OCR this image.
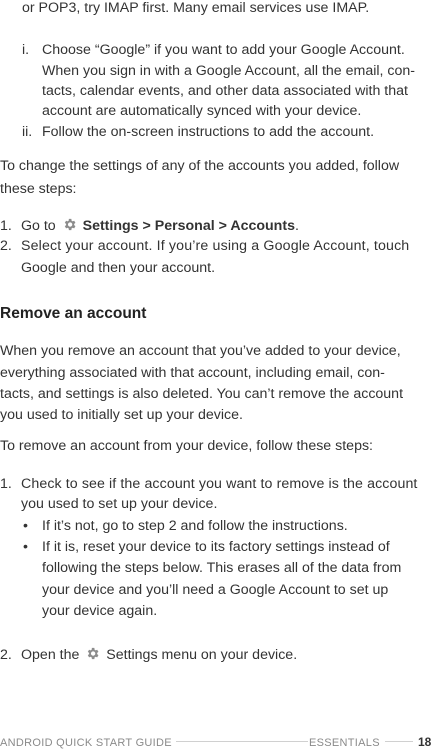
or POP3, try IMAP first. Many email services use IMAP.
i. Choose “Google” if you want to add your Google Account.
When you sign in with a Google Account, all the email, con-
tacts, calendar events, and other data associated with that
account are automatically synced with your device.
ii. Follow the on-screen instructions to add the account.
To change the settings of any of the accounts you added, follow
these steps:
1. Go to Settings > Personal > Accounts.
2. Select your account. If you’re using a Google Account, touch
Google and then your account.
Remove an account
When you remove an account that you’ve added to your device,
everything associated with that account, including email, con-
tacts, and settings is also deleted. You can’t remove the account
you used to initially set up your device.
To remove an account from your device, follow these steps:
1. Check to see if the account you want to remove is the account
you used to set up your device.
• If it’s not, go to step 2 and follow the instructions.
• If it is, reset your device to its factory settings instead of
following the steps below. This erases all of the data from
your device and you’ll need a Google Account to set up
your device again.
2. Open the Settings menu on your device.
ANDROID QUICK START GUIDE	ESSENTIALS	18
